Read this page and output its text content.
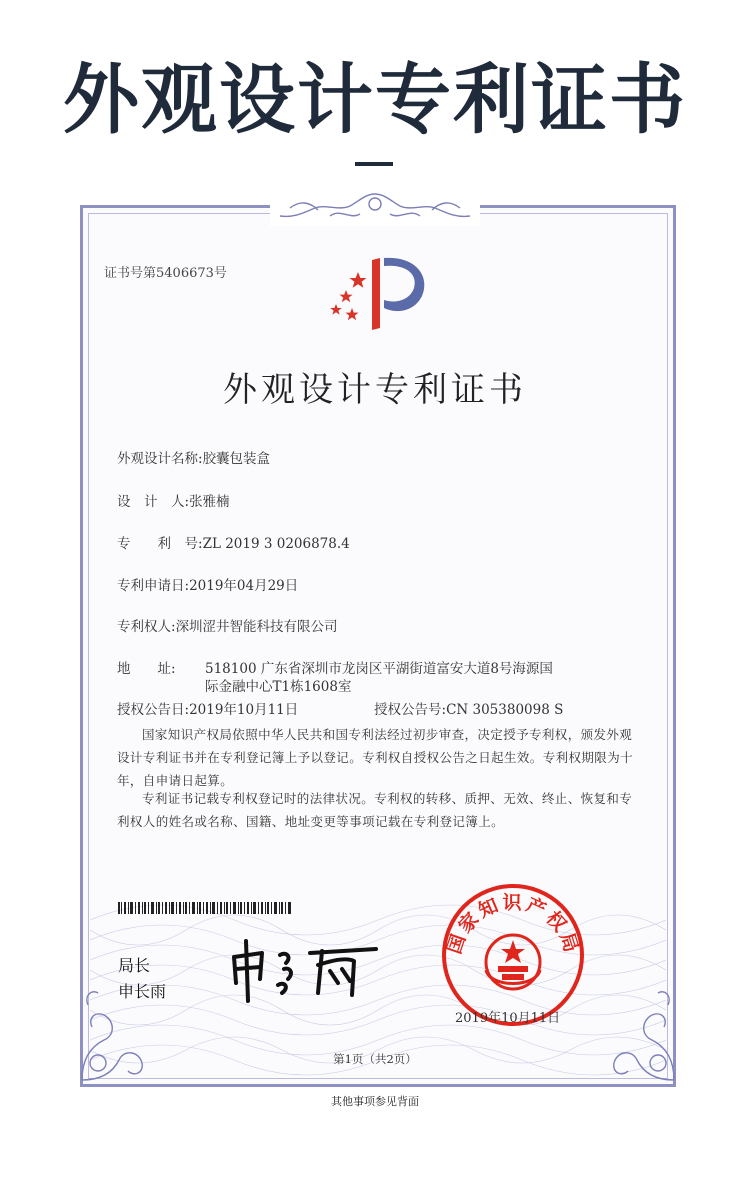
外观设计专利证书
证书号第5406673号
外观设计专利证书
外观设计名称:胶囊包装盒
设　计　人:张雅楠
专　　利　号:ZL 2019 3 0206878.4
专利申请日:2019年04月29日
专利权人:深圳涩井智能科技有限公司
地　　址: 518100 广东省深圳市龙岗区平湖街道富安大道8号海源国
际金融中心T1栋1608室
授权公告日:2019年10月11日	授权公告号:CN 305380098 S
国家知识产权局依照中华人民共和国专利法经过初步审查，决定授予专利权，颁发外观设计专利证书并在专利登记簿上予以登记。专利权自授权公告之日起生效。专利权期限为十年，自申请日起算。
专利证书记载专利权登记时的法律状况。专利权的转移、质押、无效、终止、恢复和专利权人的姓名或名称、国籍、地址变更等事项记载在专利登记簿上。
局长
申长雨
国家知识产权局
2019年10月11日
第1页（共2页）
其他事项参见背面
